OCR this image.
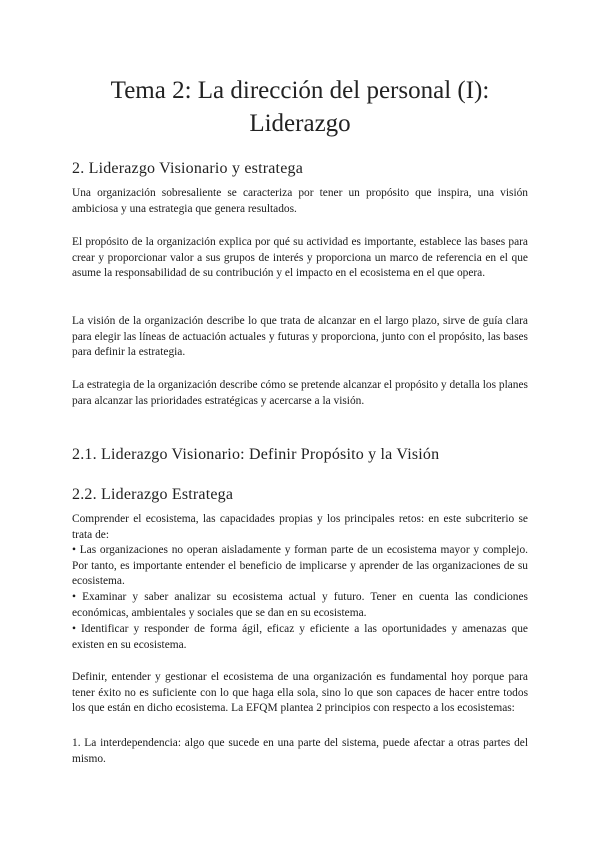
Tema 2: La dirección del personal (I):
Liderazgo
2. Liderazgo Visionario y estratega

Una organización sobresaliente se caracteriza por tener un propósito que inspira, una visión ambiciosa y una estrategia que genera resultados.

El propósito de la organización explica por qué su actividad es importante, establece las bases para crear y proporcionar valor a sus grupos de interés y proporciona un marco de referencia en el que asume la responsabilidad de su contribución y el impacto en el ecosistema en el que opera.

La visión de la organización describe lo que trata de alcanzar en el largo plazo, sirve de guía clara para elegir las líneas de actuación actuales y futuras y proporciona, junto con el propósito, las bases para definir la estrategia.

La estrategia de la organización describe cómo se pretende alcanzar el propósito y detalla los planes para alcanzar las prioridades estratégicas y acercarse a la visión.

2.1. Liderazgo Visionario: Definir Propósito y la Visión
2.2. Liderazgo Estratega

Comprender el ecosistema, las capacidades propias y los principales retos: en este subcriterio se trata de:

• Las organizaciones no operan aisladamente y forman parte de un ecosistema mayor y complejo. Por tanto, es importante entender el beneficio de implicarse y aprender de las organizaciones de su ecosistema.

• Examinar y saber analizar su ecosistema actual y futuro. Tener en cuenta las condiciones económicas, ambientales y sociales que se dan en su ecosistema.

• Identificar y responder de forma ágil, eficaz y eficiente a las oportunidades y amenazas que existen en su ecosistema.

Definir, entender y gestionar el ecosistema de una organización es fundamental hoy porque para tener éxito no es suficiente con lo que haga ella sola, sino lo que son capaces de hacer entre todos los que están en dicho ecosistema. La EFQM plantea 2 principios con respecto a los ecosistemas:

1. La interdependencia: algo que sucede en una parte del sistema, puede afectar a otras partes del mismo.
